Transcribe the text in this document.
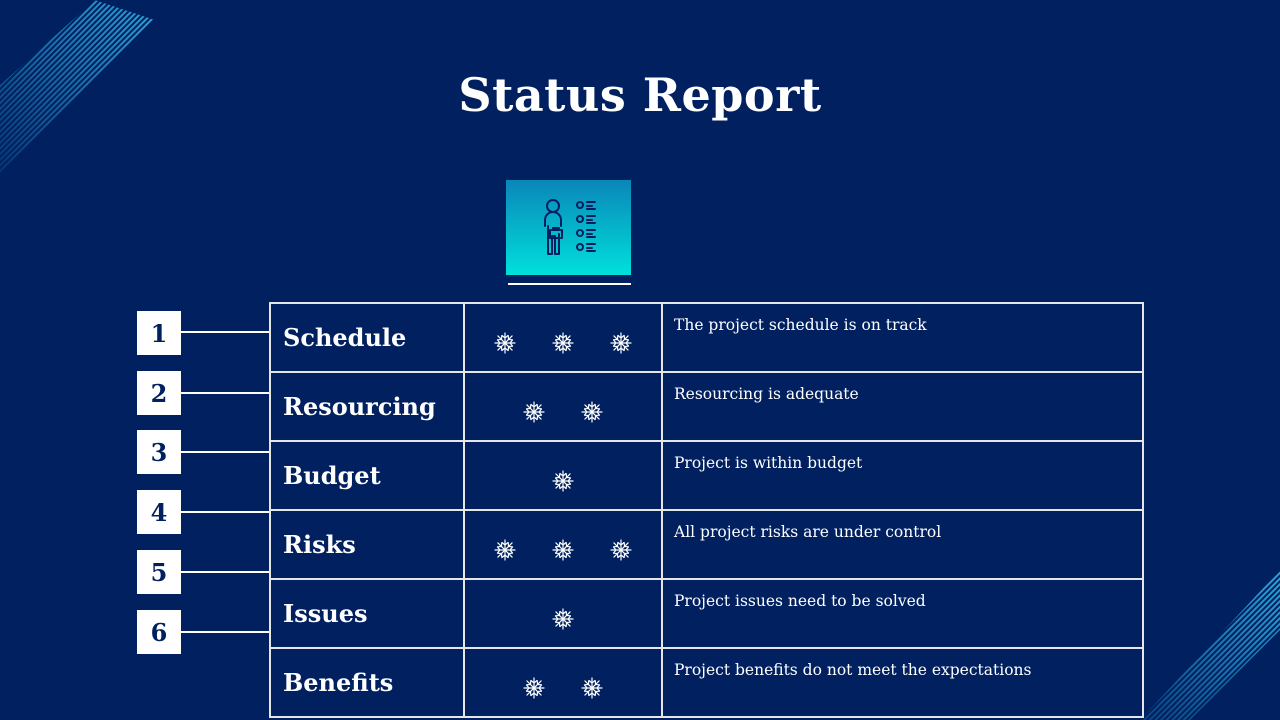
Status Report
1
2
3
4
5
6
Schedule		The project schedule is on track
Resourcing		Resourcing is adequate
Budget		Project is within budget
Risks		All project risks are under control
Issues		Project issues need to be solved
Benefits		Project benefits do not meet the expectations
